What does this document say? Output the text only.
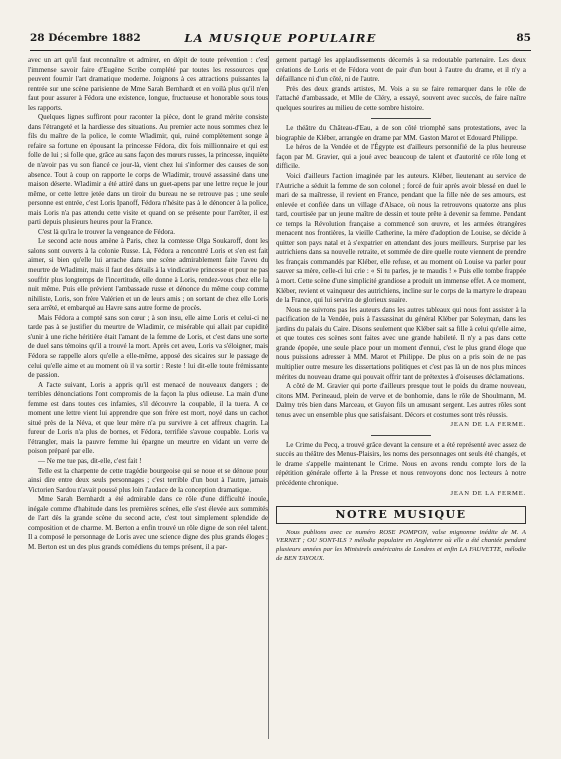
28 Décembre 1882	LA MUSIQUE POPULAIRE	85

avec un art qu'il faut reconnaître et admirer, en dépit de toute prévention : c'est l'immense savoir faire d'Eugène Scribe complété par toutes les ressources que peuvent fournir l'art dramatique moderne. Joignons à ces attractions puissantes la rentrée sur une scène parisienne de Mme Sarah Bernhardt et en voilà plus qu'il n'en faut pour assurer à Fédora une existence, longue, fructueuse et honorable sous tous les rapports.

Quelques lignes suffiront pour raconter la pièce, dont le grand mérite consiste dans l'étrangeté et la hardiesse des situations. Au premier acte nous sommes chez le fils du maître de la police, le comte Wladimir, qui, ruiné complètement songe à refaire sa fortune en épousant la princesse Fédora, dix fois millionnaire et qui est folle de lui ; si folle que, grâce au sans façon des mœurs russes, la princesse, inquiète de n'avoir pas vu son fiancé ce jour-là, vient chez lui s'informer des causes de son absence. Tout à coup on rapporte le corps de Wladimir, trouvé assassiné dans une maison déserte. Wladimir a été attiré dans un guet-apens par une lettre reçue le jour même, or cette lettre jetée dans un tiroir du bureau ne se retrouve pas ; une seule personne est entrée, c'est Loris Ipanoff, Fédora n'hésite pas à le dénoncer à la police, mais Loris n'a pas attendu cette visite et quand on se présente pour l'arrêter, il est parti depuis plusieurs heures pour la France.

C'est là qu'ira le trouver la vengeance de Fédora.

Le second acte nous amène à Paris, chez la comtesse Olga Soukaroff, dont les salons sont ouverts à la colonie Russe. Là, Fédora a rencontré Loris et s'en est fait aimer, si bien qu'elle lui arrache dans une scène admirablement faite l'aveu du meurtre de Wladimir, mais il faut des détails à la vindicative princesse et pour ne pas souffrir plus longtemps de l'incertitude, elle donne à Loris, rendez-vous chez elle la nuit même. Puis elle prévient l'ambassade russe et dénonce du même coup comme nihiliste, Loris, son frère Valérien et un de leurs amis ; on sortant de chez elle Loris sera arrêté, et embarqué au Havre sans autre forme de procès.

Mais Fédora a compté sans son cœur ; à son insu, elle aime Loris et celui-ci ne tarde pas à se justifier du meurtre de Wladimir, ce misérable qui allait par cupidité s'unir à une riche héritière était l'amant de la femme de Loris, et c'est dans une sorte de duel sans témoins qu'il a trouvé la mort. Après cet aveu, Loris va s'éloigner, mais Fédora se rappelle alors qu'elle a elle-même, apposé des sicaires sur le passage de celui qu'elle aime et au moment où il va sortir : Reste ! lui dit-elle toute frémissante de passion.

A l'acte suivant, Loris a appris qu'il est menacé de nouveaux dangers ; de terribles dénonciations l'ont compromis de la façon la plus odieuse. La main d'une femme est dans toutes ces infamies, s'il découvre la coupable, il la tuera. A ce moment une lettre vient lui apprendre que son frère est mort, noyé dans un cachot situé près de la Néva, et que leur mère n'a pu survivre à cet affreux chagrin. La fureur de Loris n'a plus de bornes, et Fédora, terrifiée s'avoue coupable. Loris va l'étrangler, mais la pauvre femme lui épargne un meurtre en vidant un verre de poison préparé par elle.

— Ne me tue pas, dit-elle, c'est fait !

Telle est la charpente de cette tragédie bourgeoise qui se noue et se dénoue pour ainsi dire entre deux seuls personnages ; c'est terrible d'un bout à l'autre, jamais Victorien Sardou n'avait poussé plus loin l'audace de la conception dramatique.

Mme Sarah Bernhardt a été admirable dans ce rôle d'une difficulté inouïe, inégale comme d'habitude dans les premières scènes, elle s'est élevée aux sommités de l'art dès la grande scène du second acte, c'est tout simplement splendide de composition et de charme. M. Berton a enfin trouvé un rôle digne de son réel talent. Il a composé le personnage de Loris avec une science digne des plus grands éloges ; M. Berton est un des plus grands comédiens du temps présent, il a par-

gement partagé les applaudissements décernés à sa redoutable partenaire. Les deux créations de Loris et de Fédora vont de pair d'un bout à l'autre du drame, et il n'y a défaillance ni d'un côté, ni de l'autre.

Près des deux grands artistes, M. Vois a su se faire remarquer dans le rôle de l'attaché d'ambassade, et Mlle de Cléry, a essayé, souvent avec succès, de faire naître quelques sourires au milieu de cette sombre histoire.

Le théâtre du Château-d'Eau, a de son côté triomphé sans protestations, avec la biographie de Kléber, arrangée en drame par MM. Gaston Marot et Edouard Philippe.

Le héros de la Vendée et de l'Égypte est d'ailleurs personnifié de la plus heureuse façon par M. Gravier, qui a joué avec beaucoup de talent et d'autorité ce rôle long et difficile.

Voici d'ailleurs l'action imaginée par les auteurs. Kléber, lieutenant au service de l'Autriche a séduit la femme de son colonel ; forcé de fuir après avoir blessé en duel le mari de sa maîtresse, il revient en France, pendant que la fille née de ses amours, est enlevée et confiée dans un village d'Alsace, où nous la retrouvons quatorze ans plus tard, courtisée par un jeune maître de dessin et toute prête à devenir sa femme. Pendant ce temps la Révolution française a commencé son œuvre, et les armées étrangères menacent nos frontières, la vieille Catherine, la mère d'adoption de Louise, se décide à quitter son pays natal et à s'expatrier en attendant des jours meilleurs. Surprise par les autrichiens dans sa nouvelle retraite, et sommée de dire quelle route viennent de prendre les français commandés par Kléber, elle refuse, et au moment où Louise va parler pour sauver sa mère, celle-ci lui crie : « Si tu parles, je te maudis ! » Puis elle tombe frappée à mort. Cette scène d'une simplicité grandiose a produit un immense effet. A ce moment, Kléber, revient et vainqueur des autrichiens, incline sur le corps de la martyre le drapeau de la France, qui lui servira de glorieux suaire.

Nous ne suivrons pas les auteurs dans les autres tableaux qui nous font assister à la pacification de la Vendée, puis à l'assassinat du général Kléber par Soleyman, dans les jardins du palais du Caire. Disons seulement que Kléber sait sa fille à celui qu'elle aime, et que toutes ces scènes sont faites avec une grande habileté. Il n'y a pas dans cette grande épopée, une seule place pour un moment d'ennui, c'est le plus grand éloge que nous puissions adresser à MM. Marot et Philippe. De plus on a pris soin de ne pas multiplier outre mesure les dissertations politiques et c'est pas là un de nos plus minces mérites du nouveau drame qui pouvait offrir tant de prétextes à d'oiseuses déclamations.

A côté de M. Gravier qui porte d'ailleurs presque tout le poids du drame nouveau, citons MM. Perineaud, plein de verve et de bonhomie, dans le rôle de Shoulmann, M. Dalmy très bien dans Marceau, et Guyon fils un amusant sergent. Les autres rôles sont tenus avec un ensemble plus que satisfaisant. Décors et costumes sont très réussis.

JEAN DE LA FERME.

Le Crime du Pecq, a trouvé grâce devant la censure et a été représenté avec assez de succès au théâtre des Menus-Plaisirs, les noms des personnages ont seuls été changés, et le drame s'appelle maintenant le Crime. Nous en avons rendu compte lors de la répétition générale offerte à la Presse et nous renvoyons donc nos lecteurs à notre précédente chronique.

JEAN DE LA FERME.
NOTRE MUSIQUE

Nous publions avec ce numéro ROSE POMPON, valse mignonne inédite de M. A VERNET ; OU SONT-ILS ? mélodie populaire en Angleterre où elle a été chantée pendant plusieurs années par les Ministrels américains de Londres et enfin LA FAUVETTE, mélodie de BEN TAYOUX.
